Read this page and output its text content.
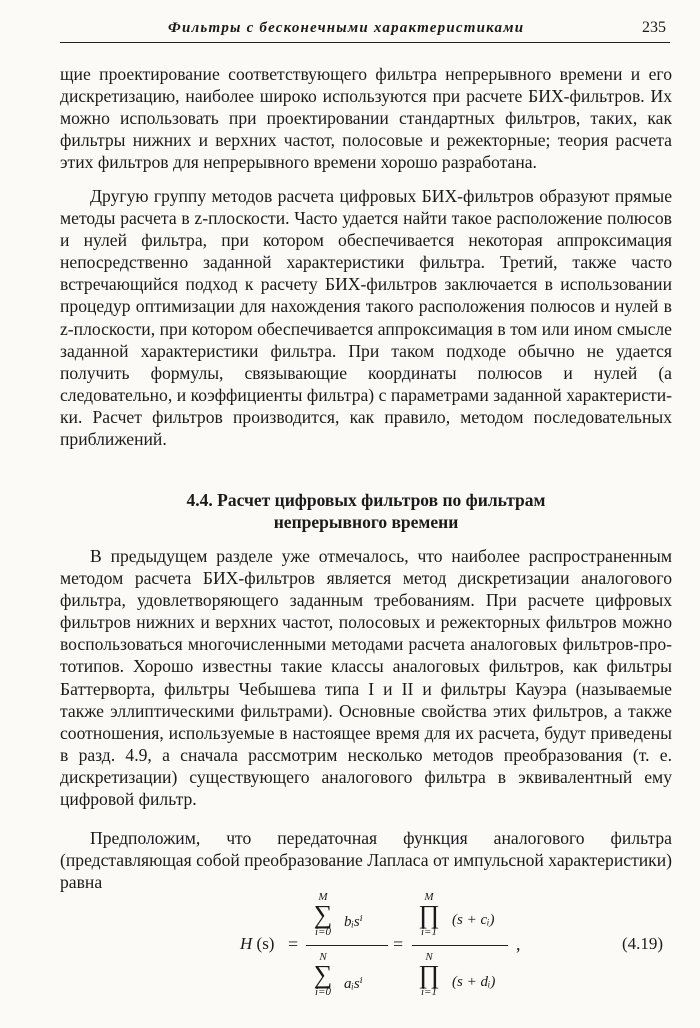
Фильтры с бесконечными характеристиками	235

щие проектирование соответствующего фильтра непрерывного времени и его дискретизацию, наиболее широко используются при расчете БИХ-фильтров. Их можно использовать при проектировании стандартных фильтров, таких, как фильтры нижних и верхних частот, полосовые и режекторные; теория расчета этих фильтров для непрерывного времени хорошо разработана.

Другую группу методов расчета цифровых БИХ-фильтров образуют прямые методы расчета в z-плоскости. Часто удается найти такое расположение полюсов и нулей фильтра, при котором обеспечивается некоторая аппроксимация непосредственно заданной характеристики фильтра. Третий, также часто встречающийся подход к расчету БИХ-фильтров заключается в использовании процедур оптимизации для нахождения такого расположения полюсов и нулей в z-плоскости, при котором обеспечивается аппроксимация в том или ином смысле заданной характеристики фильтра. При таком подходе обычно не удается получить формулы, связывающие координаты полюсов и нулей (а следовательно, и коэффициенты фильтра) с параметрами заданной характеристики. Расчет фильтров производится, как правило, методом последовательных приближений.

4.4. Расчет цифровых фильтров по фильтрам
непрерывного времени

В предыдущем разделе уже отмечалось, что наиболее распространенным методом расчета БИХ-фильтров является метод дискретизации аналогового фильтра, удовлетворяющего заданным требованиям. При расчете цифровых фильтров нижних и верхних частот, полосовых и режекторных фильтров можно воспользоваться многочисленными методами расчета аналоговых фильтров-прототипов. Хорошо известны такие классы аналоговых фильтров, как фильтры Баттерворта, фильтры Чебышева типа I и II и фильтры Кауэра (называемые также эллиптическими фильтрами). Основные свойства этих фильтров, а также соотношения, используемые в настоящее время для их расчета, будут приведены в разд. 4.9, а сначала рассмотрим несколько методов преобразования (т. е. дискретизации) существующего аналогового фильтра в эквивалентный ему цифровой фильтр.

Предположим, что передаточная функция аналогового фильтра (представляющая собой преобразование Лапласа от импульсной характеристики) равна

H (s) =
M
∑
i=0
bᵢsⁱ
N
∑
i=0 aᵢsⁱ
=
M
∏
i=1
(s + cᵢ)
N
∏
i=1
(s + dᵢ)
,	(4.19)
